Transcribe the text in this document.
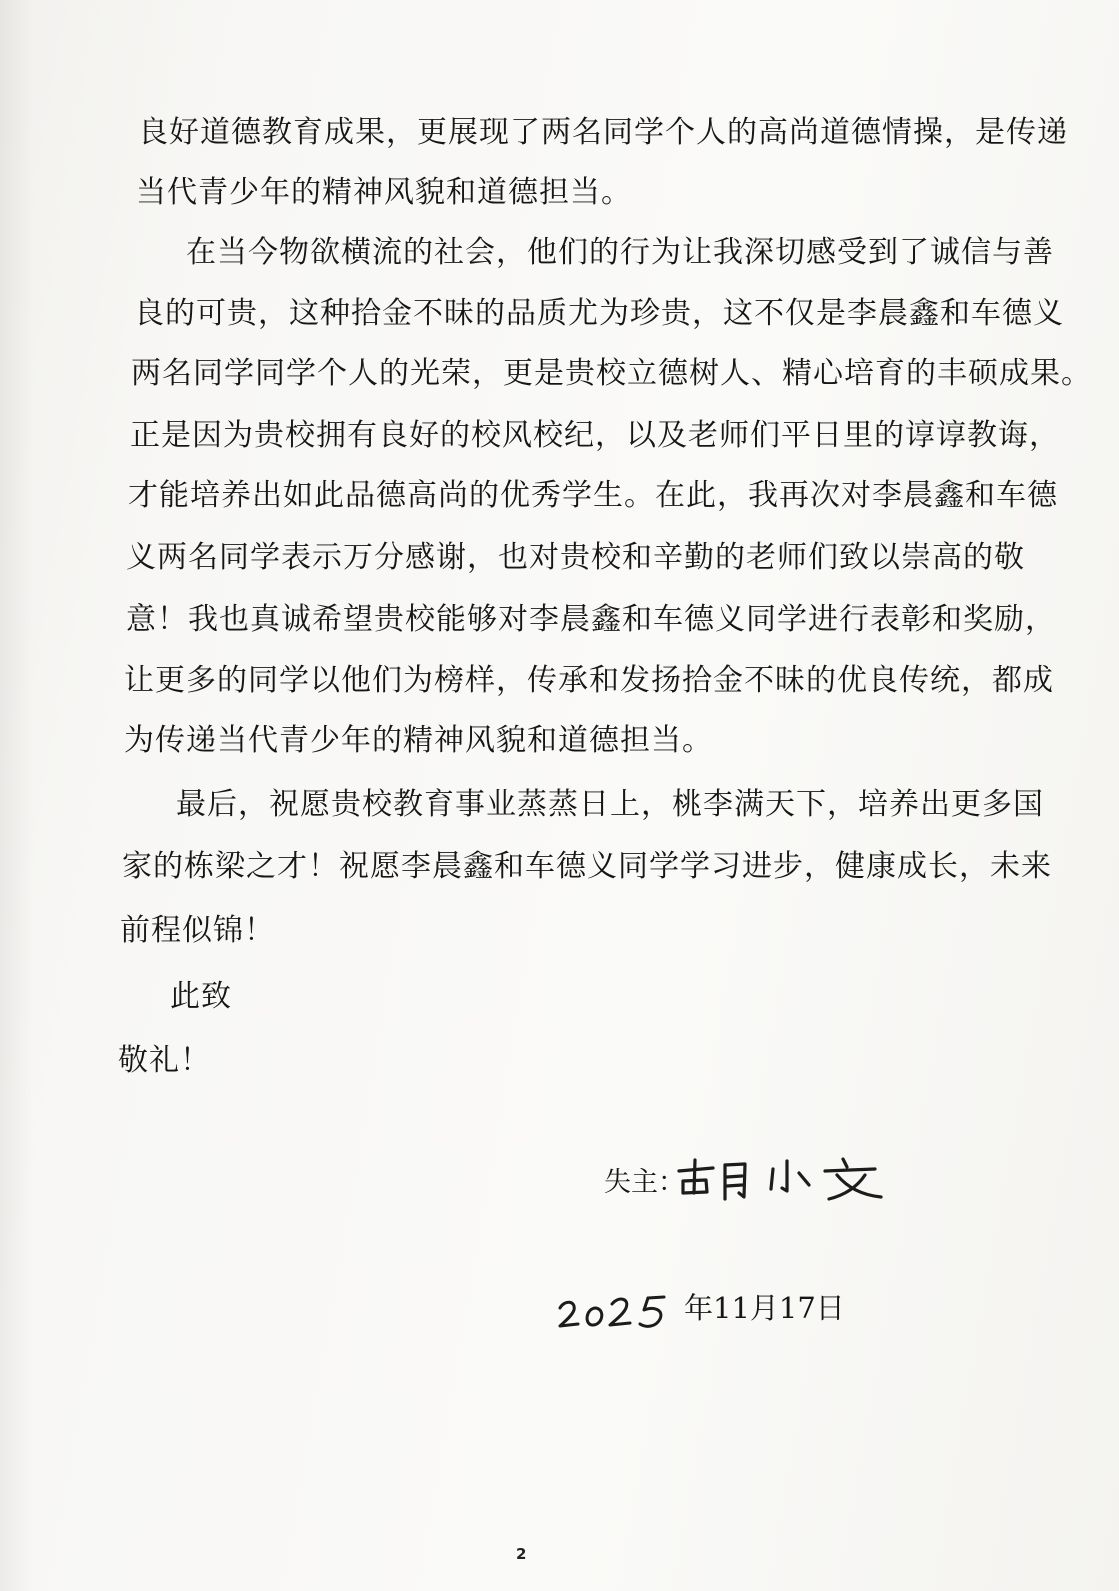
良好道德教育成果，更展现了两名同学个人的高尚道德情操，是传递
当代青少年的精神风貌和道德担当。
在当今物欲横流的社会，他们的行为让我深切感受到了诚信与善
良的可贵，这种拾金不昧的品质尤为珍贵，这不仅是李晨鑫和车德义
两名同学同学个人的光荣，更是贵校立德树人、精心培育的丰硕成果。
正是因为贵校拥有良好的校风校纪，以及老师们平日里的谆谆教诲，
才能培养出如此品德高尚的优秀学生。在此，我再次对李晨鑫和车德
义两名同学表示万分感谢，也对贵校和辛勤的老师们致以崇高的敬
意！我也真诚希望贵校能够对李晨鑫和车德义同学进行表彰和奖励，
让更多的同学以他们为榜样，传承和发扬拾金不昧的优良传统，都成
为传递当代青少年的精神风貌和道德担当。
最后，祝愿贵校教育事业蒸蒸日上，桃李满天下，培养出更多国
家的栋梁之才！祝愿李晨鑫和车德义同学学习进步，健康成长，未来
前程似锦！
此致
敬礼！
失主：
年11月17日
2
